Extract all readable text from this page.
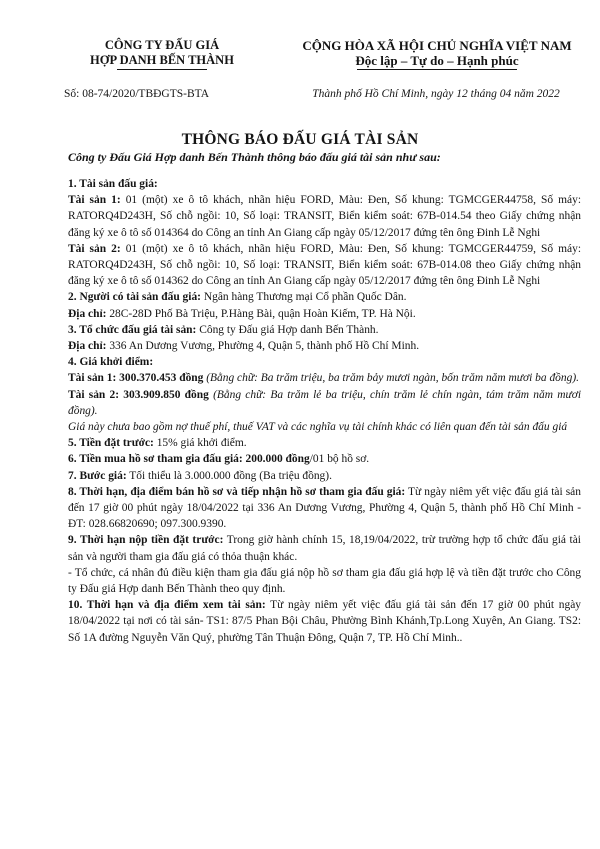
CÔNG TY ĐẤU GIÁ
HỢP DANH BẾN THÀNH
CỘNG HÒA XÃ HỘI CHỦ NGHĨA VIỆT NAM
Độc lập – Tự do – Hạnh phúc
Số: 08-74/2020/TBĐGTS-BTA	Thành phố Hồ Chí Minh, ngày 12 tháng 04 năm 2022
THÔNG BÁO ĐẤU GIÁ TÀI SẢN
Công ty Đấu Giá Hợp danh Bến Thành thông báo đấu giá tài sản như sau:

1. Tài sản đấu giá:

Tài sản 1: 01 (một) xe ô tô khách, nhãn hiệu FORD, Màu: Đen, Số khung: TGMCGER44758, Số máy: RATORQ4D243H, Số chỗ ngồi: 10, Số loại: TRANSIT, Biển kiểm soát: 67B-014.54 theo Giấy chứng nhận đăng ký xe ô tô số 014364 do Công an tỉnh An Giang cấp ngày 05/12/2017 đứng tên ông Đinh Lễ Nghi

Tài sản 2: 01 (một) xe ô tô khách, nhãn hiệu FORD, Màu: Đen, Số khung: TGMCGER44759, Số máy: RATORQ4D243H, Số chỗ ngồi: 10, Số loại: TRANSIT, Biển kiểm soát: 67B-014.08 theo Giấy chứng nhận đăng ký xe ô tô số 014362 do Công an tỉnh An Giang cấp ngày 05/12/2017 đứng tên ông Đinh Lễ Nghi

2. Người có tài sản đấu giá: Ngân hàng Thương mại Cổ phần Quốc Dân.

Địa chỉ: 28C-28D Phố Bà Triệu, P.Hàng Bài, quận Hoàn Kiếm, TP. Hà Nội.

3. Tổ chức đấu giá tài sản: Công ty Đấu giá Hợp danh Bến Thành.

Địa chỉ: 336 An Dương Vương, Phường 4, Quận 5, thành phố Hồ Chí Minh.

4. Giá khởi điểm:

Tài sản 1: 300.370.453 đồng (Bằng chữ: Ba trăm triệu, ba trăm bảy mươi ngàn, bốn trăm năm mươi ba đồng).

Tài sản 2: 303.909.850 đồng (Bằng chữ: Ba trăm lẻ ba triệu, chín trăm lẻ chín ngàn, tám trăm năm mươi đồng).

Giá này chưa bao gồm nợ thuế phí, thuế VAT và các nghĩa vụ tài chính khác có liên quan đến tài sản đấu giá

5. Tiền đặt trước: 15% giá khởi điểm.

6. Tiền mua hồ sơ tham gia đấu giá: 200.000 đồng/01 bộ hồ sơ.

7. Bước giá: Tối thiểu là 3.000.000 đồng (Ba triệu đồng).

8. Thời hạn, địa điểm bán hồ sơ và tiếp nhận hồ sơ tham gia đấu giá: Từ ngày niêm yết việc đấu giá tài sản đến 17 giờ 00 phút ngày 18/04/2022 tại 336 An Dương Vương, Phường 4, Quận 5, thành phố Hồ Chí Minh - ĐT: 028.66820690; 097.300.9390.

9. Thời hạn nộp tiền đặt trước: Trong giờ hành chính 15, 18,19/04/2022, trừ trường hợp tổ chức đấu giá tài sản và người tham gia đấu giá có thỏa thuận khác.

- Tổ chức, cá nhân đủ điều kiện tham gia đấu giá nộp hồ sơ tham gia đấu giá hợp lệ và tiền đặt trước cho Công ty Đấu giá Hợp danh Bến Thành theo quy định.

10. Thời hạn và địa điểm xem tài sản: Từ ngày niêm yết việc đấu giá tài sản đến 17 giờ 00 phút ngày 18/04/2022 tại nơi có tài sản- TS1: 87/5 Phan Bội Châu, Phường Bình Khánh,Tp.Long Xuyên, An Giang. TS2: Số 1A đường Nguyễn Văn Quý, phường Tân Thuận Đông, Quận 7, TP. Hồ Chí Minh..
